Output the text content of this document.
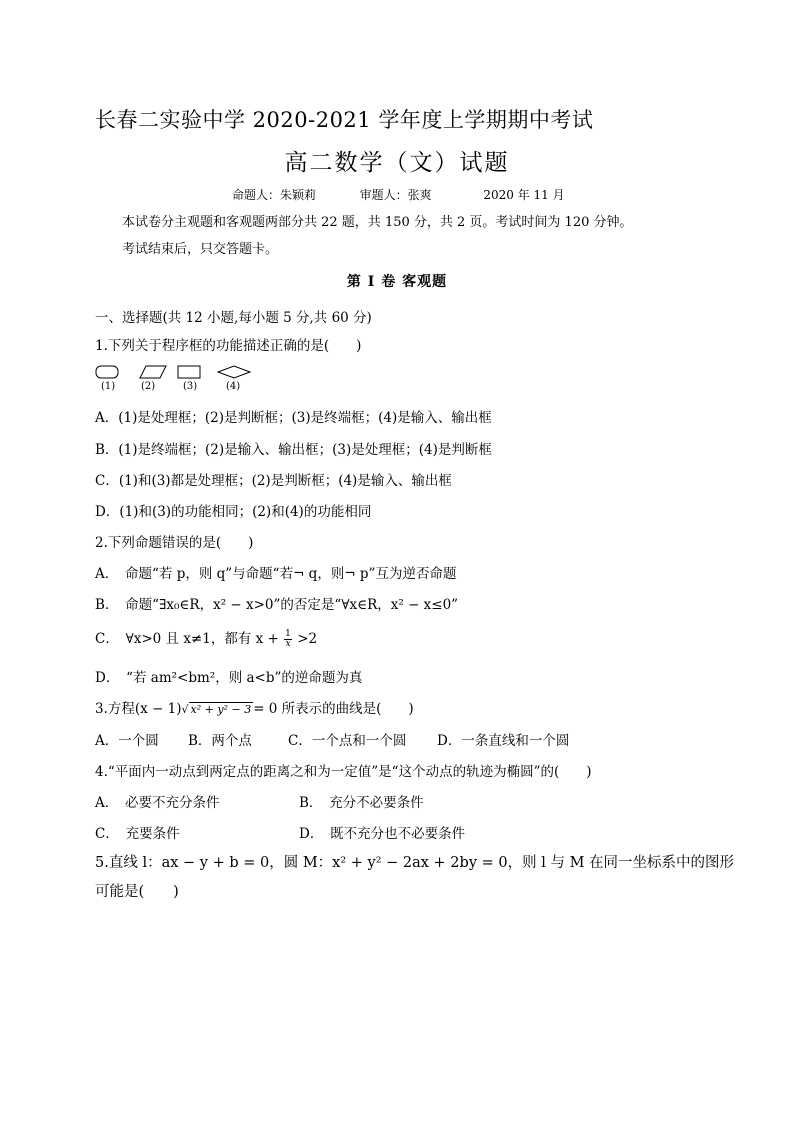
长春二实验中学 2020-2021 学年度上学期期中考试
高二数学（文）试题
命题人：朱颖莉	审题人：张爽	2020 年 11 月
本试卷分主观题和客观题两部分共 22 题，共 150 分，共 2 页。考试时间为 120 分钟。
考试结束后，只交答题卡。
第 Ⅰ 卷 客观题
一、选择题(共 12 小题,每小题 5 分,共 60 分)
1.下列关于程序框的功能描述正确的是(　　)
(1)	(2)	(3)	(4)
A．(1)是处理框；(2)是判断框；(3)是终端框；(4)是输入、输出框
B．(1)是终端框；(2)是输入、输出框；(3)是处理框；(4)是判断框
C．(1)和(3)都是处理框；(2)是判断框；(4)是输入、输出框
D．(1)和(3)的功能相同；(2)和(4)的功能相同
2.下列命题错误的是(　　)
A．　命题“若 p，则 q”与命题“若¬ q，则¬ p”互为逆否命题
B．　命题“∃x₀∈R，x² − x>0”的否定是“∀x∈R，x² − x≤0”
C．　∀x>0 且 x≠1，都有 $x + \frac{1}{x} >2$
D．　“若 am²<bm²，则 a<b”的逆命题为真
3.方程(x − 1)√ x² + y² − 3 = 0 所表示的曲线是(　　)
A．一个圆 B．两个点	C．一个点和一个圆 D．一条直线和一个圆
4.“平面内一动点到两定点的距离之和为一定值”是“这个动点的轨迹为椭圆”的(　　)
A．　必要不充分条件	B．　充分不必要条件
C．　充要条件	D．　既不充分也不必要条件
5.直线 l：ax − y + b = 0，圆 M：x² + y² − 2ax + 2by = 0，则 l 与 M 在同一坐标系中的图形
可能是(　　)
